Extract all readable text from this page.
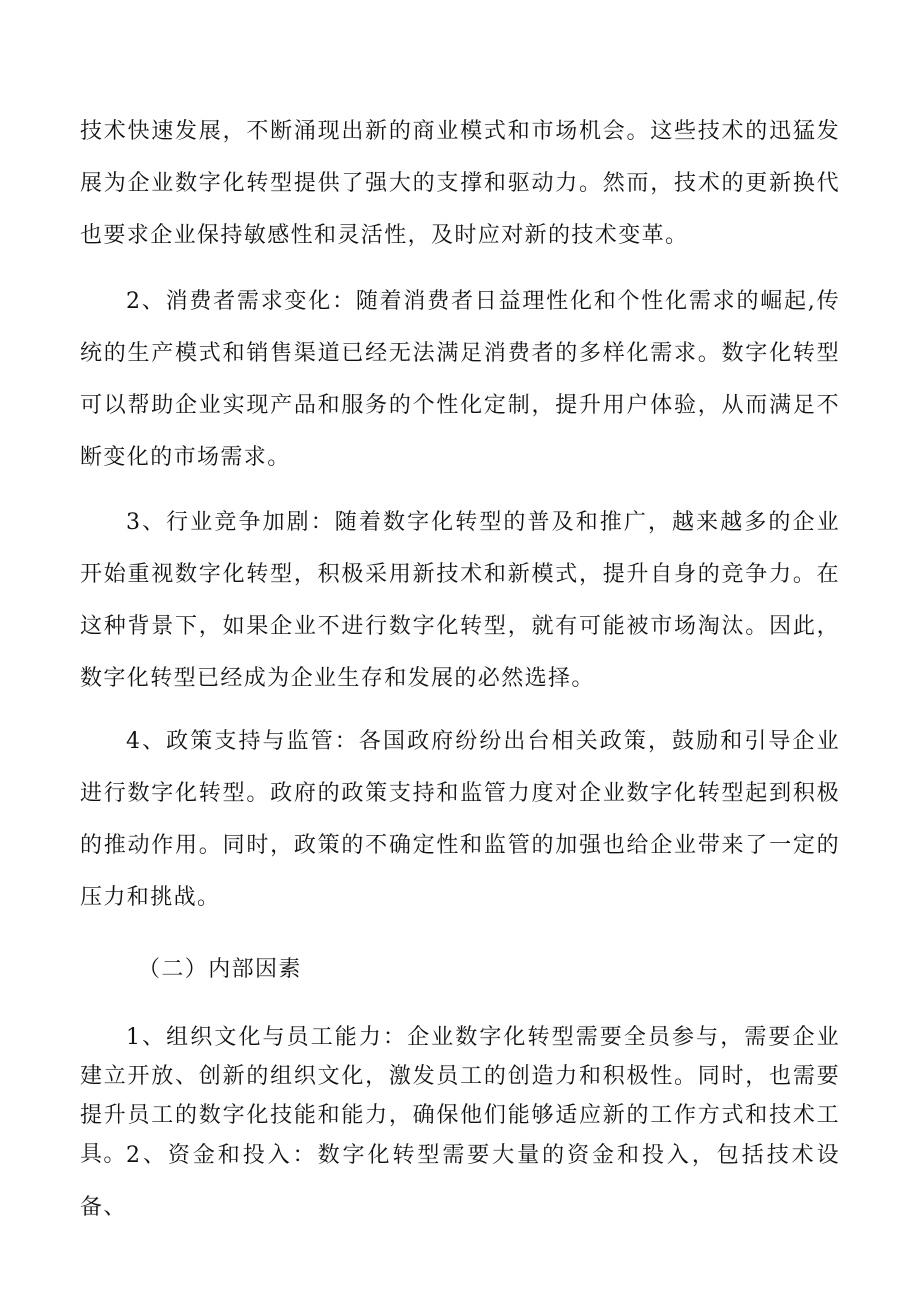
技术快速发展，不断涌现出新的商业模式和市场机会。这些技术的迅猛发展为企业数字化转型提供了强大的支撑和驱动力。然而，技术的更新换代也要求企业保持敏感性和灵活性，及时应对新的技术变革。

2、消费者需求变化：随着消费者日益理性化和个性化需求的崛起,传统的生产模式和销售渠道已经无法满足消费者的多样化需求。数字化转型可以帮助企业实现产品和服务的个性化定制，提升用户体验，从而满足不断变化的市场需求。

3、行业竞争加剧：随着数字化转型的普及和推广，越来越多的企业开始重视数字化转型，积极采用新技术和新模式，提升自身的竞争力。在这种背景下，如果企业不进行数字化转型，就有可能被市场淘汰。因此，数字化转型已经成为企业生存和发展的必然选择。

4、政策支持与监管：各国政府纷纷出台相关政策，鼓励和引导企业进行数字化转型。政府的政策支持和监管力度对企业数字化转型起到积极的推动作用。同时，政策的不确定性和监管的加强也给企业带来了一定的压力和挑战。

（二）内部因素

1、组织文化与员工能力：企业数字化转型需要全员参与，需要企业建立开放、创新的组织文化，激发员工的创造力和积极性。同时，也需要提升员工的数字化技能和能力，确保他们能够适应新的工作方式和技术工具。 2、资金和投入：数字化转型需要大量的资金和投入，包括技术设备、
